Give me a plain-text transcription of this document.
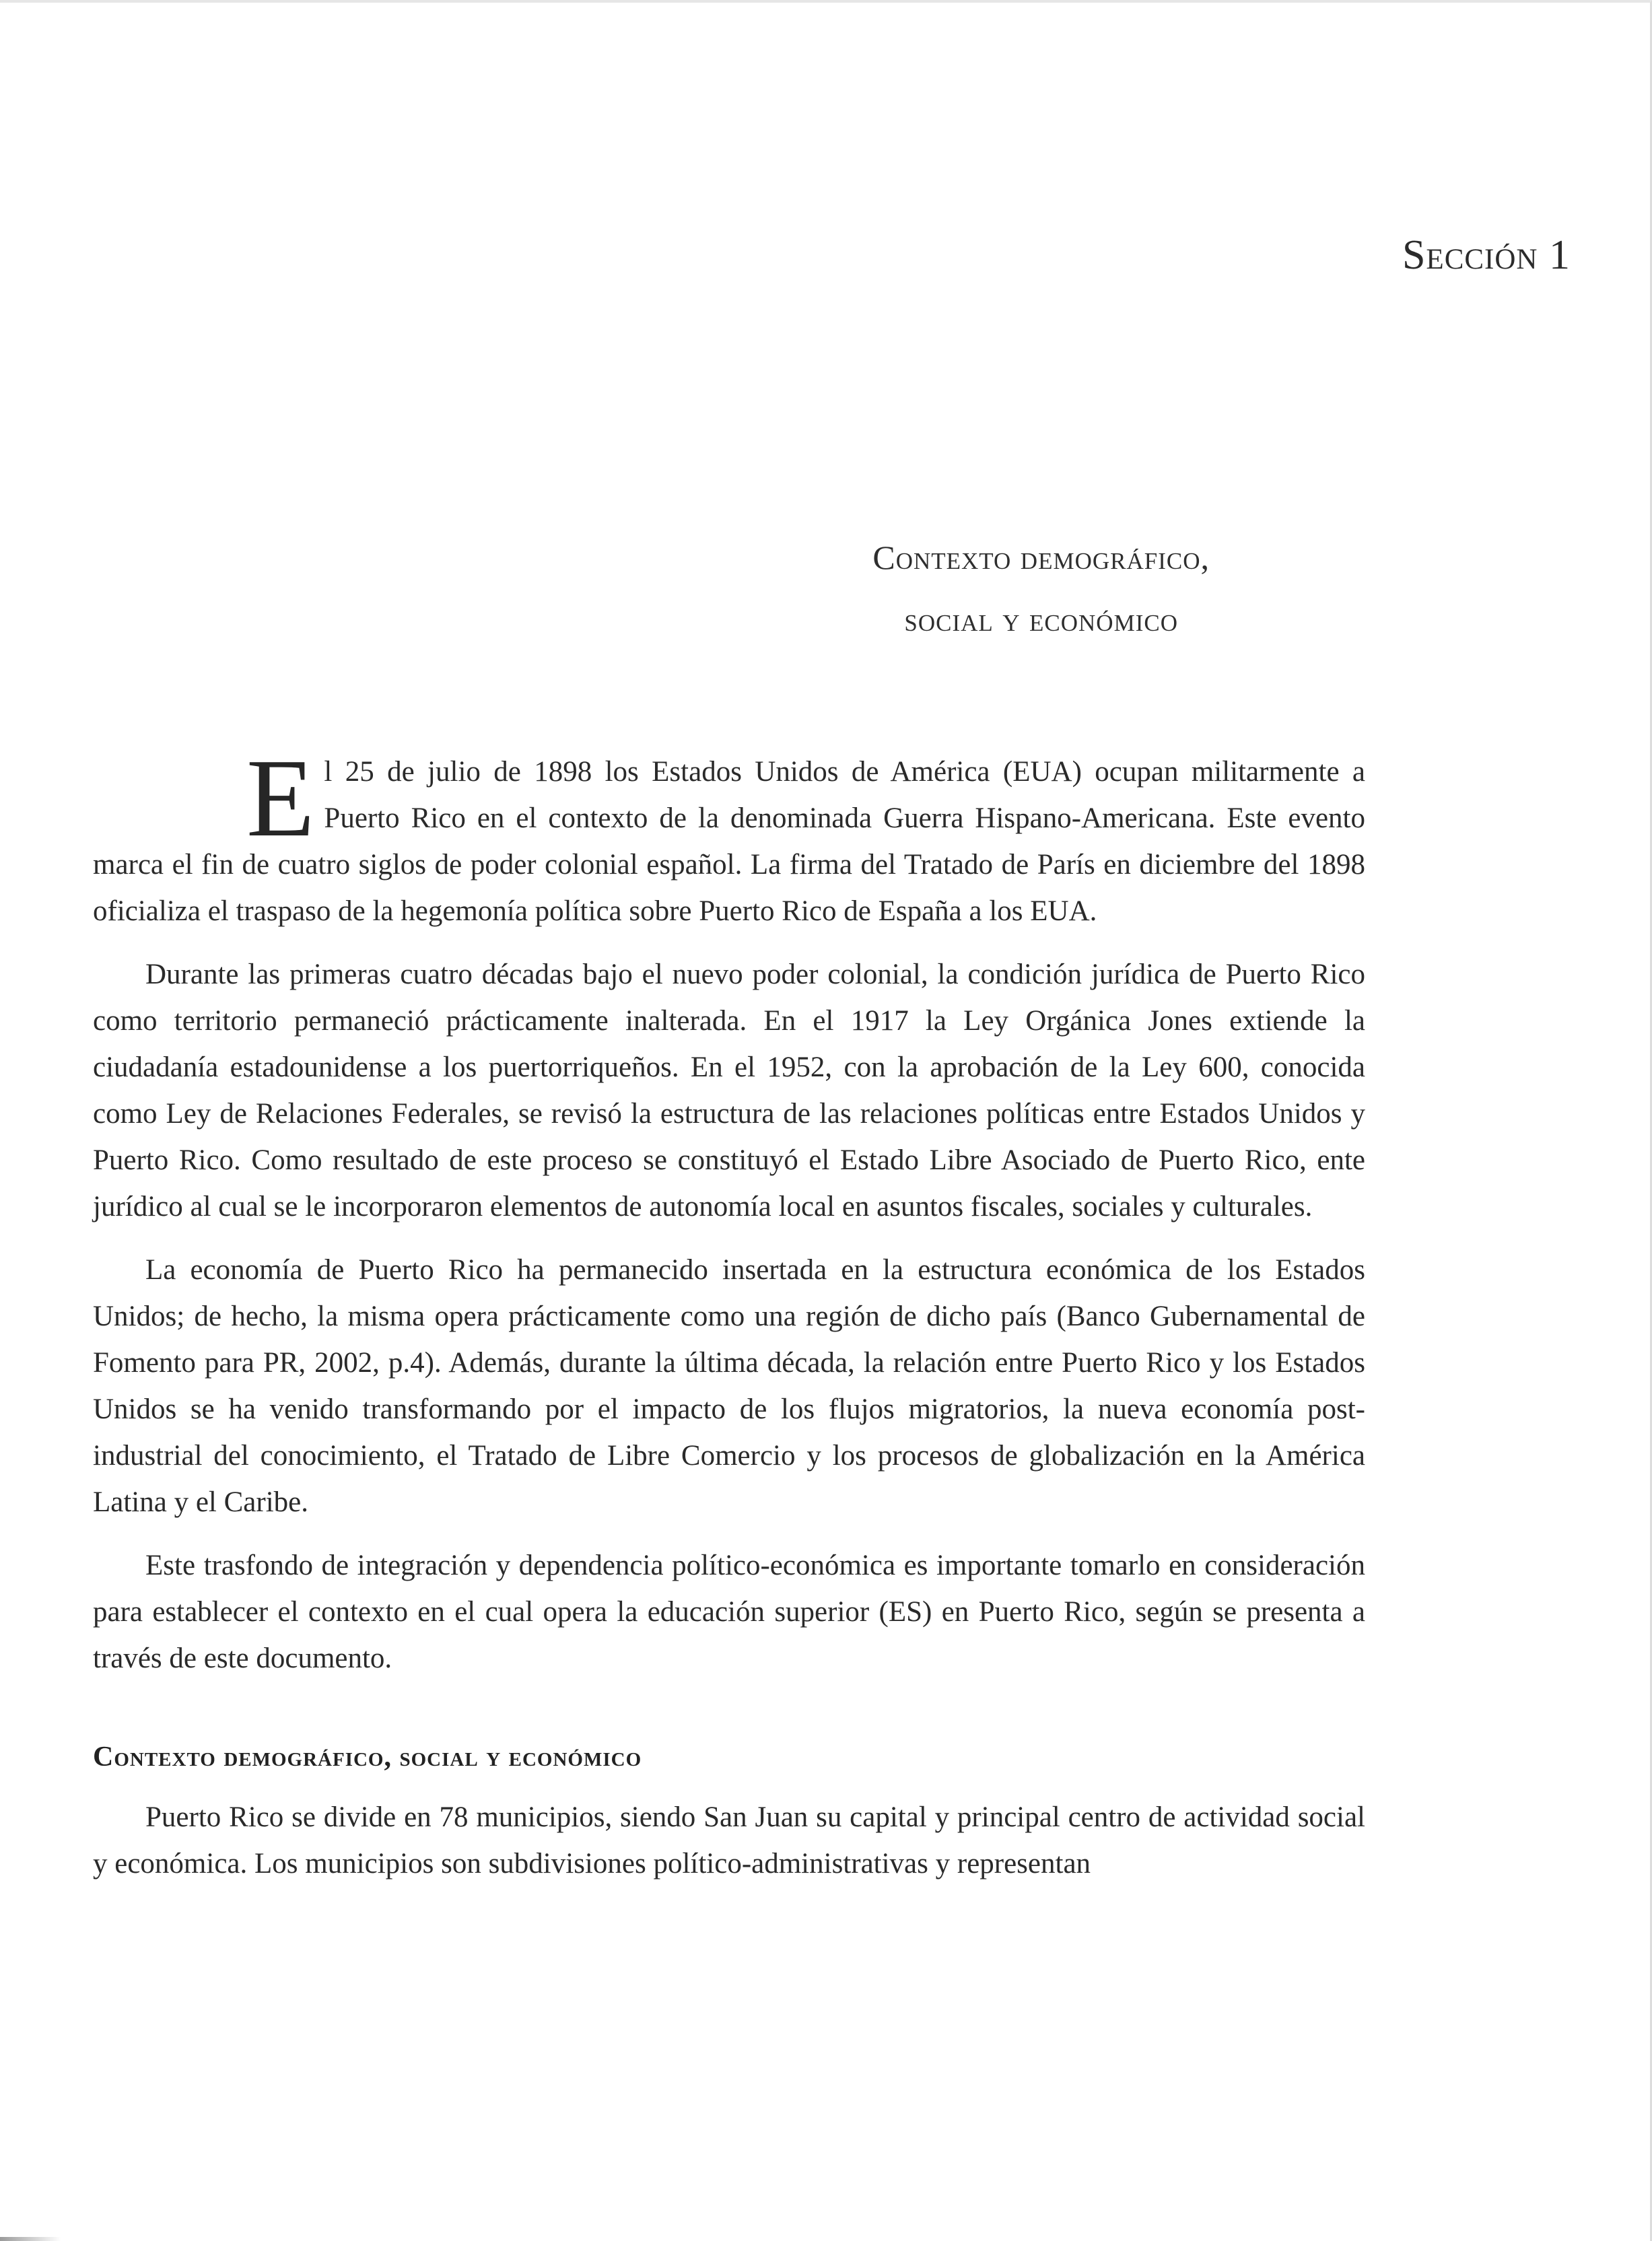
Sección 1
Contexto demográfico,
social y económico

El 25 de julio de 1898 los Estados Unidos de América (EUA) ocupan militarmente a Puerto Rico en el contexto de la denominada Guerra Hispano-Americana. Este evento marca el fin de cuatro siglos de poder colonial español. La firma del Tratado de París en diciembre del 1898 oficializa el traspaso de la hegemonía política sobre Puerto Rico de España a los EUA.

Durante las primeras cuatro décadas bajo el nuevo poder colonial, la condición jurídica de Puerto Rico como territorio permaneció prácticamente inalterada. En el 1917 la Ley Orgánica Jones extiende la ciudadanía estadounidense a los puertorriqueños. En el 1952, con la aprobación de la Ley 600, conocida como Ley de Relaciones Federales, se revisó la estructura de las relaciones políticas entre Estados Unidos y Puerto Rico. Como resultado de este proceso se constituyó el Estado Libre Asociado de Puerto Rico, ente jurídico al cual se le incorporaron elementos de autonomía local en asuntos fiscales, sociales y culturales.

La economía de Puerto Rico ha permanecido insertada en la estructura económica de los Estados Unidos; de hecho, la misma opera prácticamente como una región de dicho país (Banco Gubernamental de Fomento para PR, 2002, p.4). Además, durante la última década, la relación entre Puerto Rico y los Estados Unidos se ha venido transformando por el impacto de los flujos migratorios, la nueva economía post-industrial del conocimiento, el Tratado de Libre Comercio y los procesos de globalización en la América Latina y el Caribe.

Este trasfondo de integración y dependencia político-económica es importante tomarlo en consideración para establecer el contexto en el cual opera la educación superior (ES) en Puerto Rico, según se presenta a través de este documento.

Contexto demográfico, social y económico

Puerto Rico se divide en 78 municipios, siendo San Juan su capital y principal centro de actividad social y económica. Los municipios son subdivisiones político-administrativas y representan
